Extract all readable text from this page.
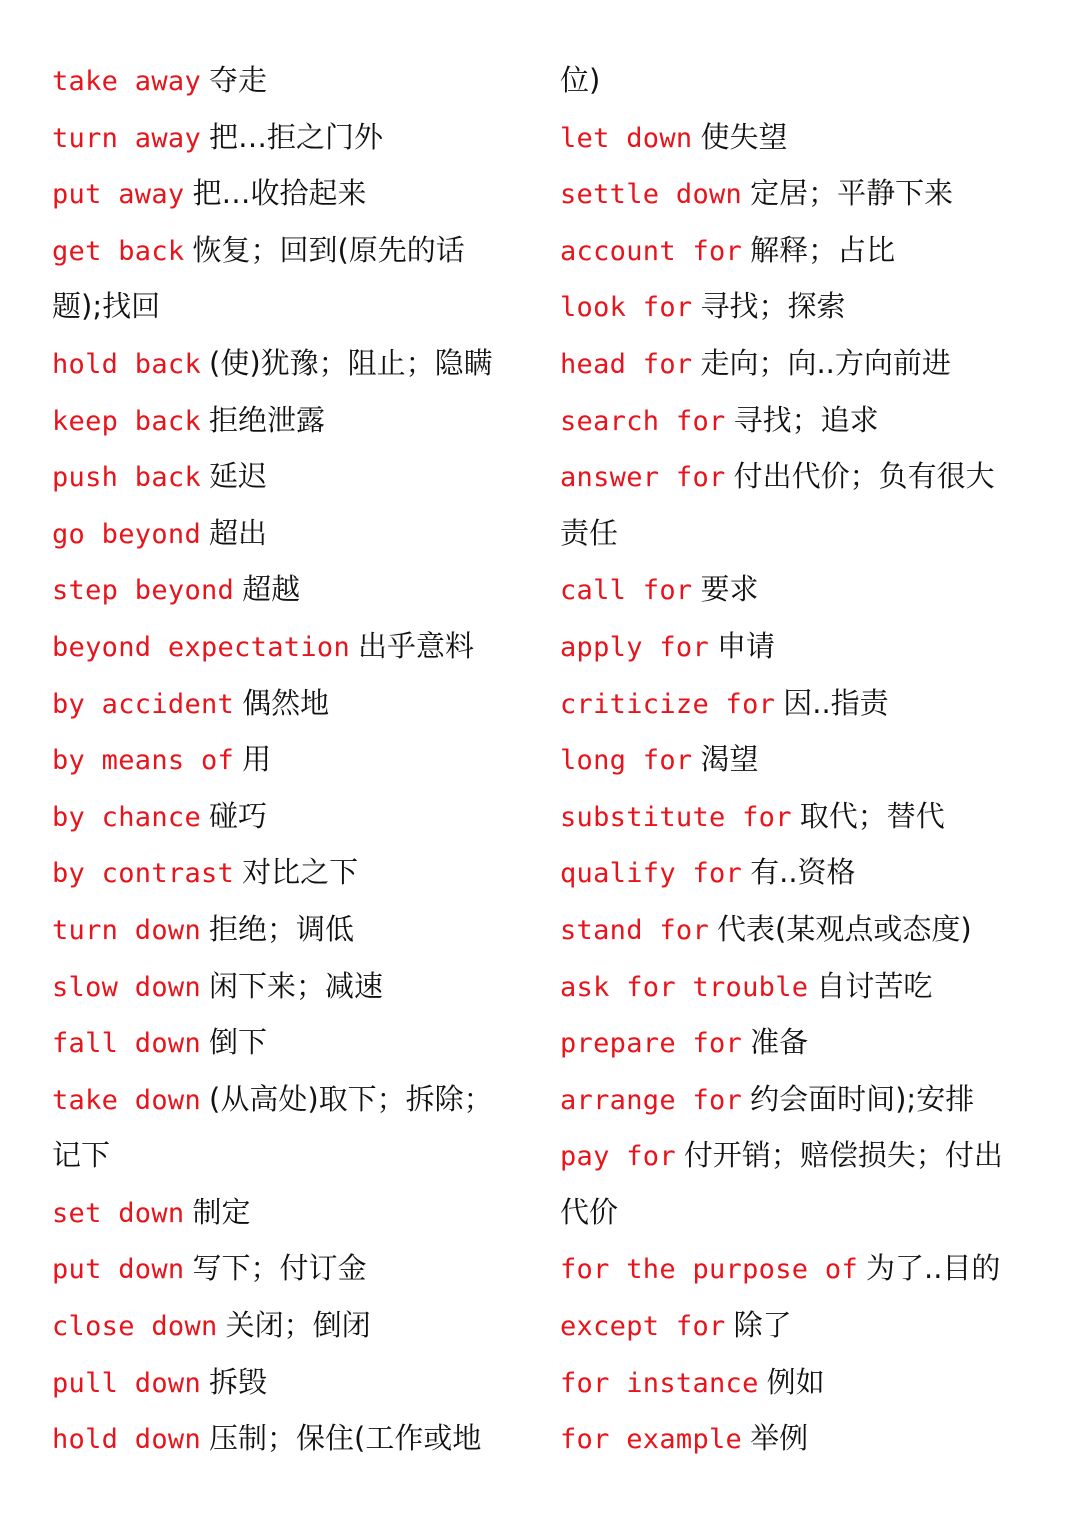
take away 夺走
turn away 把…拒之门外
put away 把…收拾起来
get back 恢复；回到(原先的话
题);找回
hold back (使)犹豫；阻止；隐瞒
keep back 拒绝泄露
push back 延迟
go beyond 超出
step beyond 超越
beyond expectation 出乎意料
by accident 偶然地
by means of 用
by chance 碰巧
by contrast 对比之下
turn down 拒绝；调低
slow down 闲下来；减速
fall down 倒下
take down (从高处)取下；拆除；
记下
set down 制定
put down 写下；付订金
close down 关闭；倒闭
pull down 拆毁
hold down 压制；保住(工作或地
位)
let down 使失望
settle down 定居；平静下来
account for 解释；占比
look for 寻找；探索
head for 走向；向..方向前进
search for 寻找；追求
answer for 付出代价；负有很大
责任
call for 要求
apply for 申请
criticize for 因..指责
long for 渴望
substitute for 取代；替代
qualify for 有..资格
stand for 代表(某观点或态度)
ask for trouble 自讨苦吃
prepare for 准备
arrange for 约会面时间);安排
pay for 付开销；赔偿损失；付出
代价
for the purpose of 为了..目的
except for 除了
for instance 例如
for example 举例
